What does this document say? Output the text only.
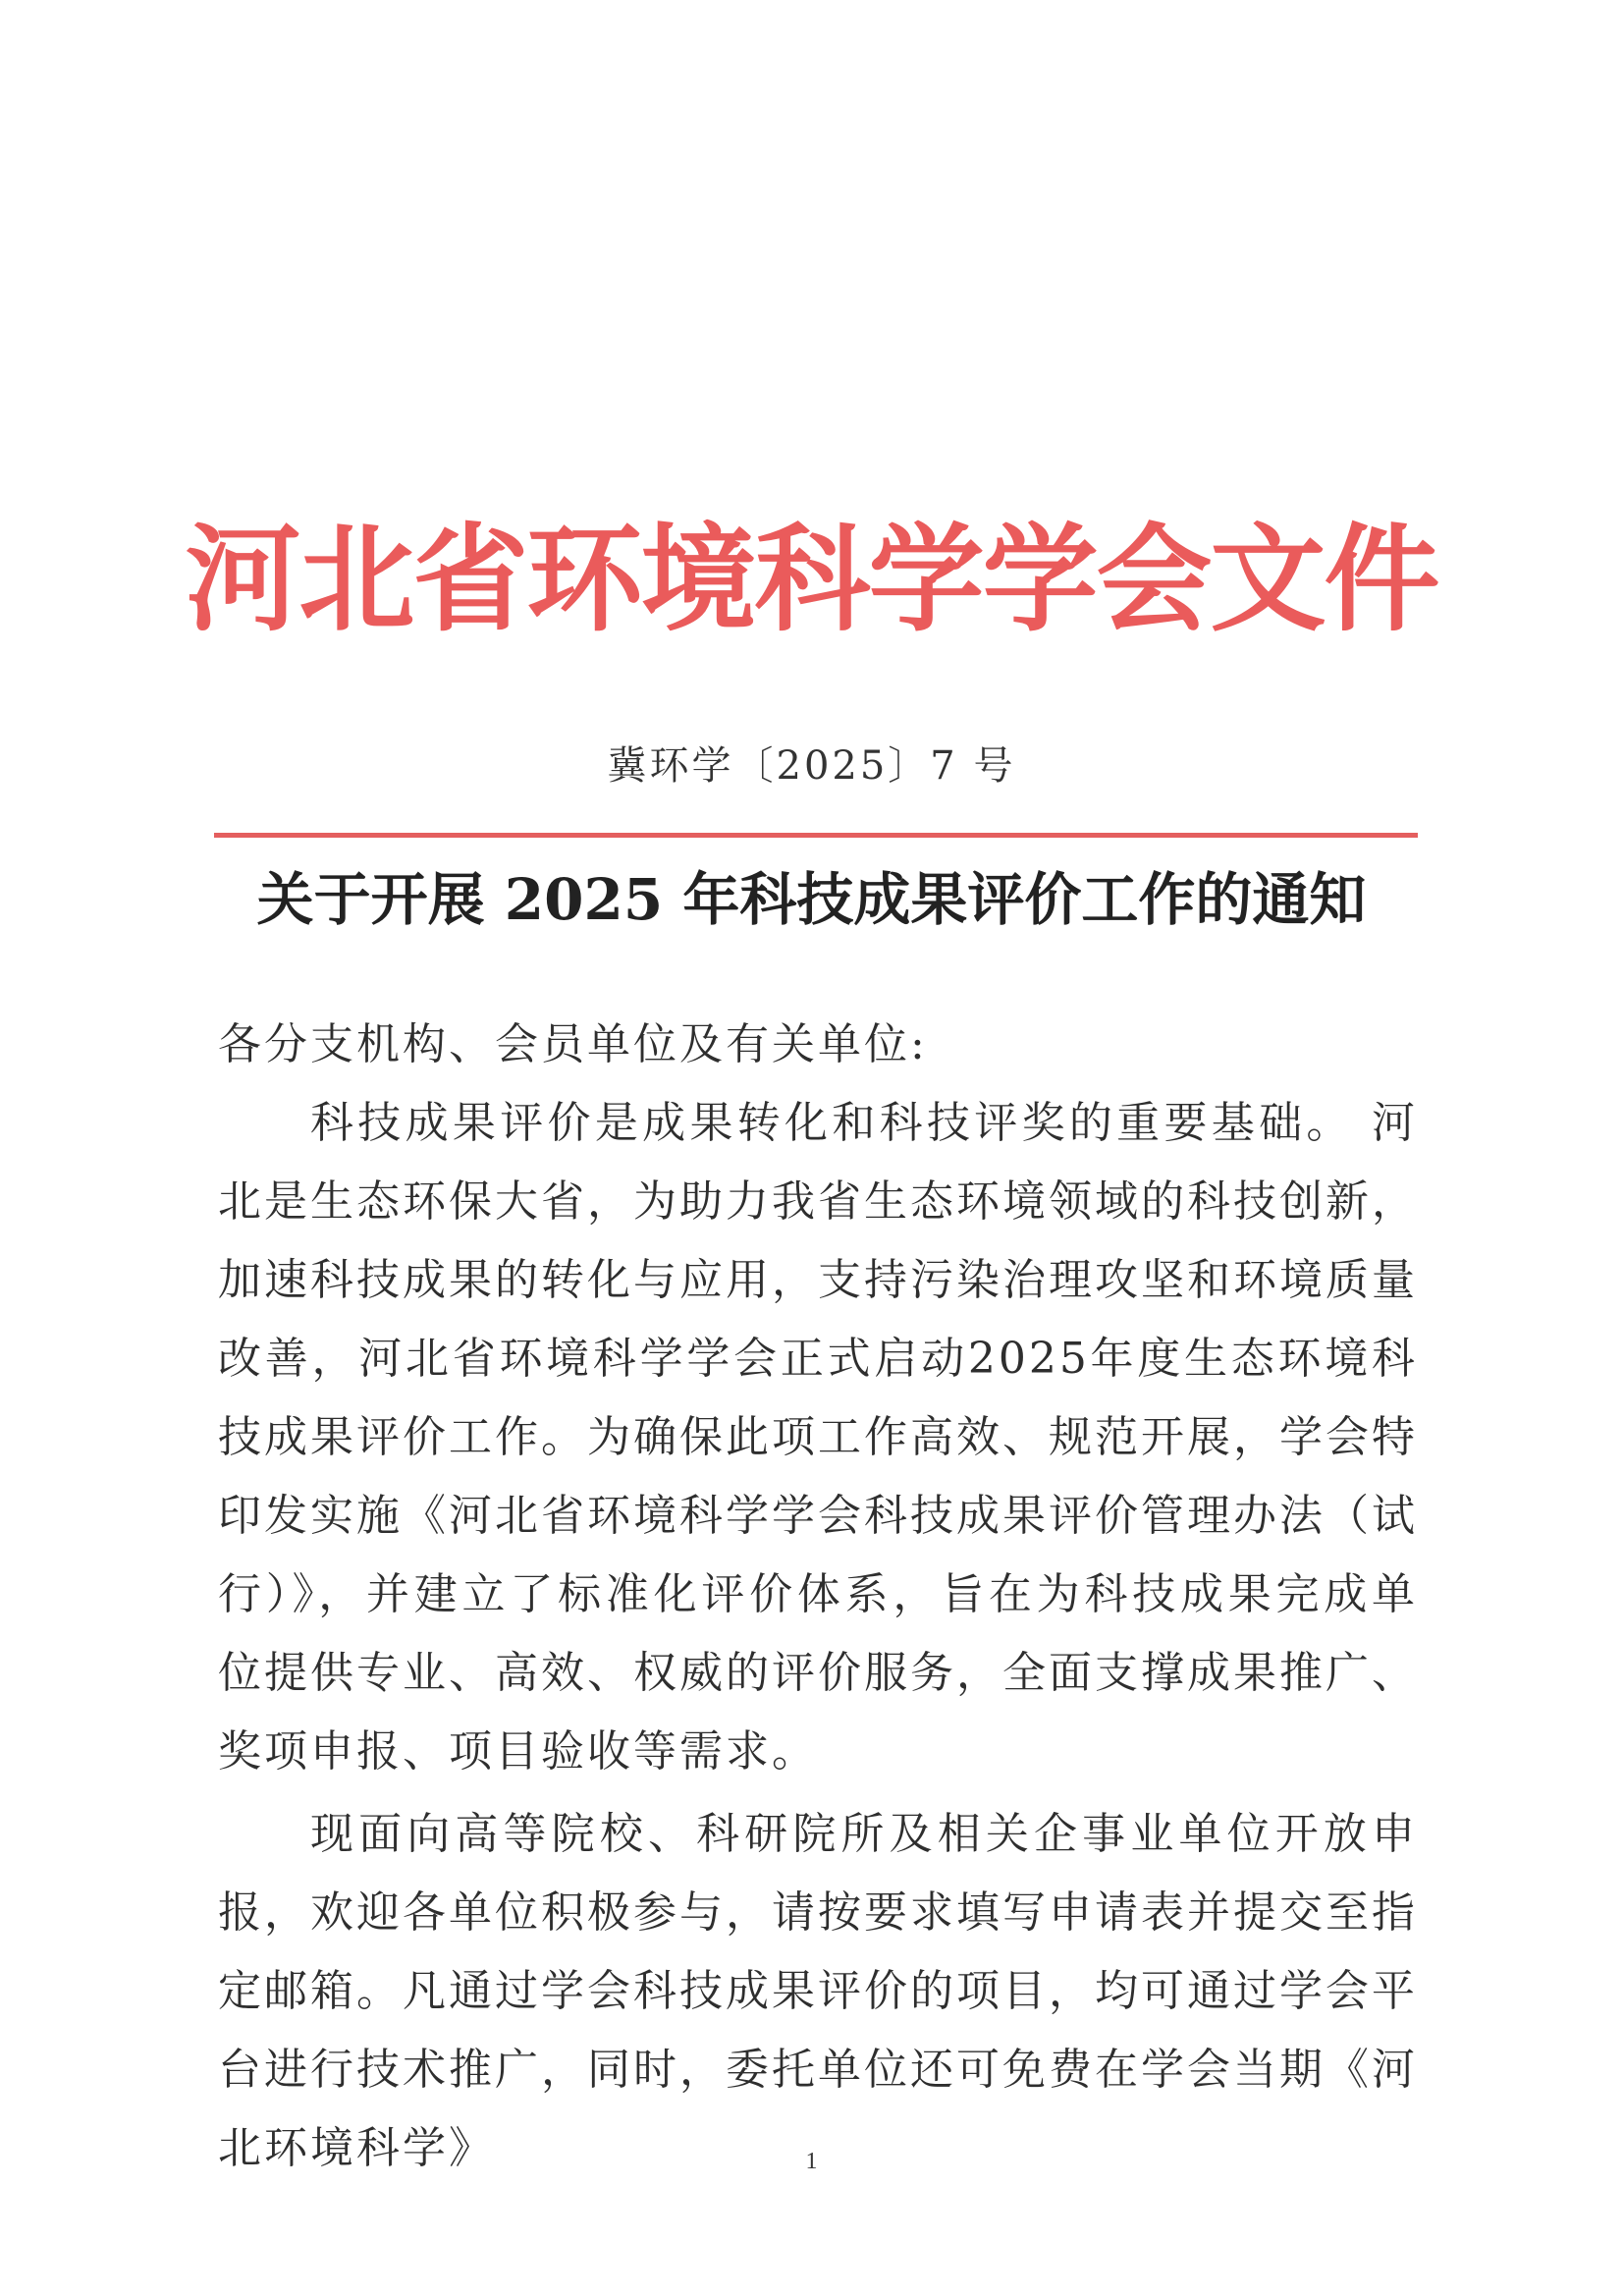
河北省环境科学学会文件
冀环学〔2025〕7 号
关于开展 2025 年科技成果评价工作的通知

各分支机构、会员单位及有关单位:

科技成果评价是成果转化和科技评奖的重要基础。 河北是生态环保大省，为助力我省生态环境领域的科技创新，加速科技成果的转化与应用，支持污染治理攻坚和环境质量改善，河北省环境科学学会正式启动2025年度生态环境科技成果评价工作。为确保此项工作高效、规范开展，学会特印发实施《河北省环境科学学会科技成果评价管理办法（试行）》，并建立了标准化评价体系，旨在为科技成果完成单位提供专业、高效、权威的评价服务，全面支撑成果推广、奖项申报、项目验收等需求。

现面向高等院校、科研院所及相关企事业单位开放申报，欢迎各单位积极参与，请按要求填写申请表并提交至指定邮箱。凡通过学会科技成果评价的项目，均可通过学会平台进行技术推广，同时，委托单位还可免费在学会当期《河北环境科学》	1
